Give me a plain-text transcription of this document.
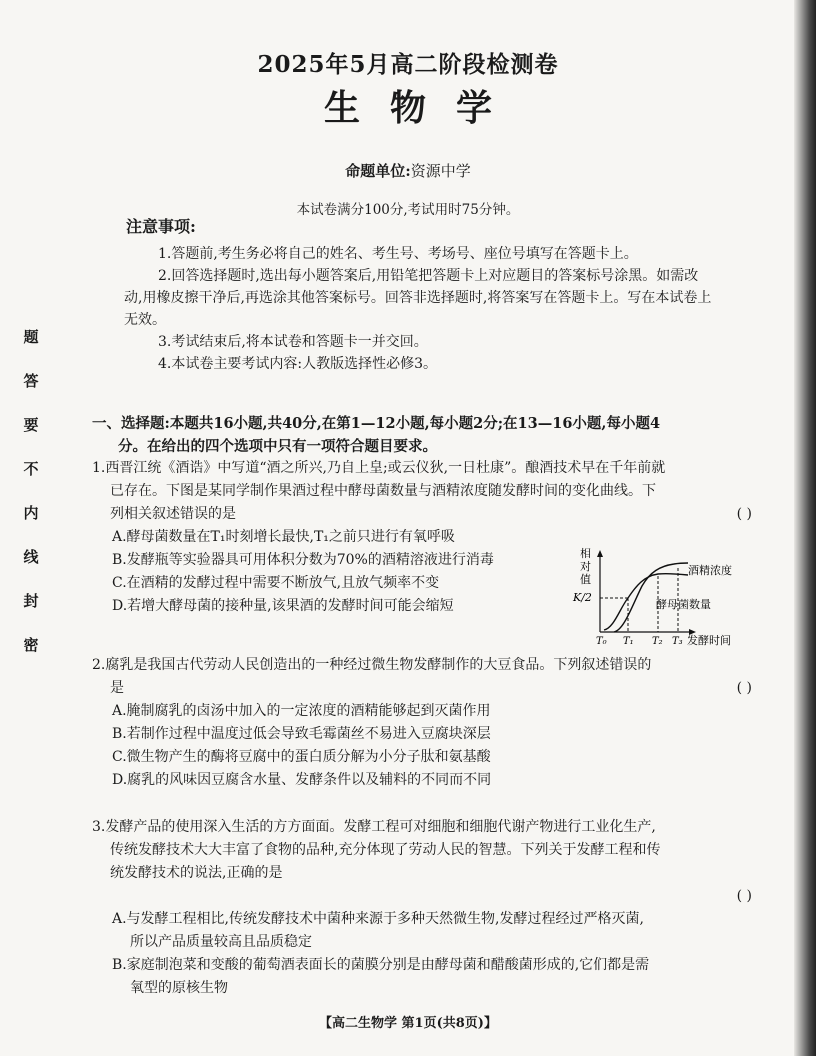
题
答
要
不
内
线
封
密
2025年5月高二阶段检测卷
生物学
命题单位:资源中学
本试卷满分100分,考试用时75分钟。
注意事项:

1.答题前,考生务必将自己的姓名、考生号、考场号、座位号填写在答题卡上。

2.回答选择题时,选出每小题答案后,用铅笔把答题卡上对应题目的答案标号涂黑。如需改动,用橡皮擦干净后,再选涂其他答案标号。回答非选择题时,将答案写在答题卡上。写在本试卷上无效。

3.考试结束后,将本试卷和答题卡一并交回。

4.本试卷主要考试内容:人教版选择性必修3。

一、选择题:本题共16小题,共40分,在第1—12小题,每小题2分;在13—16小题,每小题4
分。在给出的四个选项中只有一项符合题目要求。
1.西晋江统《酒诰》中写道“酒之所兴,乃自上皇;或云仪狄,一日杜康”。酿酒技术早在千年前就
已存在。下图是某同学制作果酒过程中酵母菌数量与酒精浓度随发酵时间的变化曲线。下
列相关叙述错误的是	( )
A.酵母菌数量在T₁时刻增长最快,T₁之前只进行有氧呼吸
B.发酵瓶等实验器具可用体积分数为70%的酒精溶液进行消毒
C.在酒精的发酵过程中需要不断放气,且放气频率不变
D.若增大酵母菌的接种量,该果酒的发酵时间可能会缩短
相
对
值
K/2
酒精浓度
酵母菌数量
T₀ T₁ T₂ T₃ 发酵时间
2.腐乳是我国古代劳动人民创造出的一种经过微生物发酵制作的大豆食品。下列叙述错误的
是	( )
A.腌制腐乳的卤汤中加入的一定浓度的酒精能够起到灭菌作用
B.若制作过程中温度过低会导致毛霉菌丝不易进入豆腐块深层
C.微生物产生的酶将豆腐中的蛋白质分解为小分子肽和氨基酸
D.腐乳的风味因豆腐含水量、发酵条件以及辅料的不同而不同
3.发酵产品的使用深入生活的方方面面。发酵工程可对细胞和细胞代谢产物进行工业化生产,
传统发酵技术大大丰富了食物的品种,充分体现了劳动人民的智慧。下列关于发酵工程和传
统发酵技术的说法,正确的是
( )
A.与发酵工程相比,传统发酵技术中菌种来源于多种天然微生物,发酵过程经过严格灭菌,
所以产品质量较高且品质稳定
B.家庭制泡菜和变酸的葡萄酒表面长的菌膜分别是由酵母菌和醋酸菌形成的,它们都是需
氧型的原核生物
【高二生物学 第1页(共8页)】
